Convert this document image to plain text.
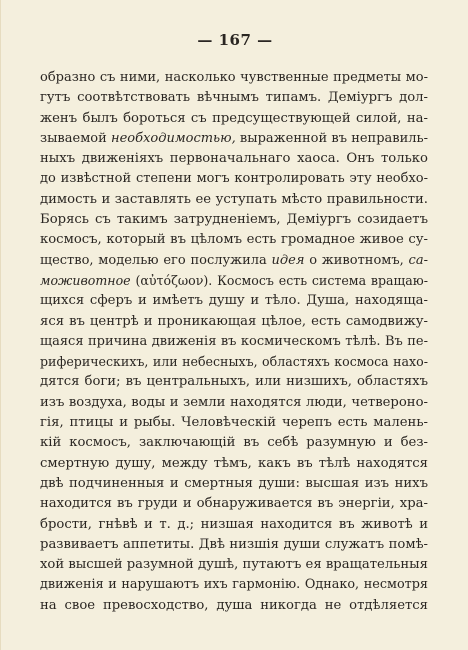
— 167 —
образно съ ними, насколько чувственные предметы мо-
гутъ соотвѣтствовать вѣчнымъ типамъ. Деміургъ дол-
женъ былъ бороться съ предсуществующей силой, на-
зываемой необходимостью, выраженной въ неправиль-
ныхъ движеніяхъ первоначальнаго хаоса. Онъ только
до извѣстной степени могъ контролировать эту необхо-
димость и заставлять ее уступать мѣсто правильности.
Борясь съ такимъ затрудненіемъ, Деміургъ созидаетъ
космосъ, который въ цѣломъ есть громадное живое су-
щество, моделью его послужила идея о животномъ, са-
моживотное (αὐτόζωον). Космосъ есть система вращаю-
щихся сферъ и имѣетъ душу и тѣло. Душа, находяща-
яся въ центрѣ и проникающая цѣлое, есть самодвижу-
щаяся причина движенія въ космическомъ тѣлѣ. Въ пе-
риферическихъ, или небесныхъ, областяхъ космоса нахо-
дятся боги; въ центральныхъ, или низшихъ, областяхъ
изъ воздуха, воды и земли находятся люди, четвероно-
гія, птицы и рыбы. Человѣческій черепъ есть малень-
кій космосъ, заключающій въ себѣ разумную и без-
смертную душу, между тѣмъ, какъ въ тѣлѣ находятся
двѣ подчиненныя и смертныя души: высшая изъ нихъ
находится въ груди и обнаруживается въ энергіи, хра-
брости, гнѣвѣ и т. д.; низшая находится въ животѣ и
развиваетъ аппетиты. Двѣ низшія души служатъ помѣ-
хой высшей разумной душѣ, путаютъ ея вращательныя
движенія и нарушаютъ ихъ гармонію. Однако, несмотря
на свое превосходство, душа никогда не отдѣляется
